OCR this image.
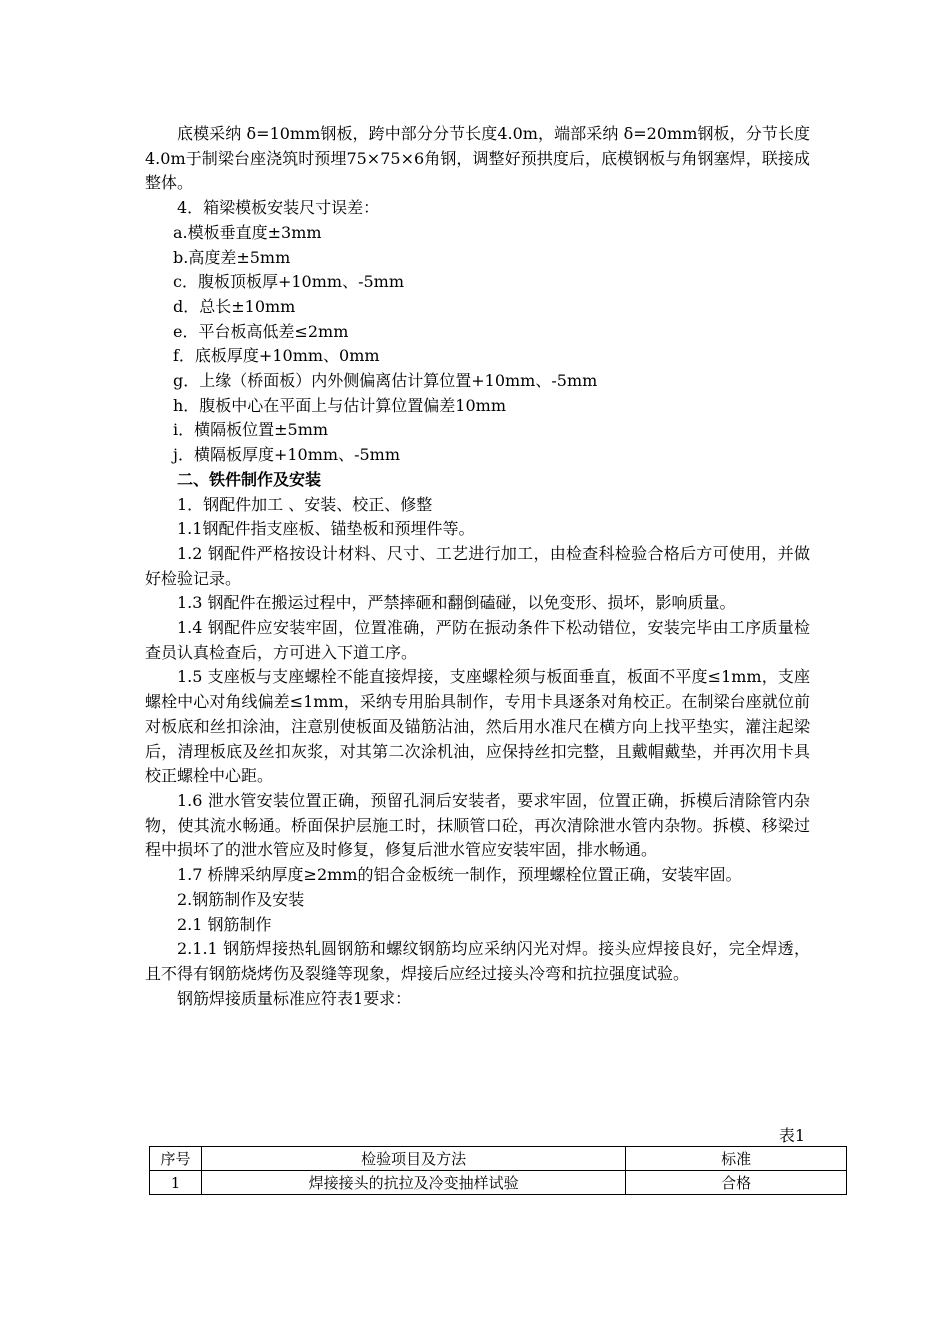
底模采纳 δ=10mm钢板，跨中部分分节长度4.0m，端部采纳 δ=20mm钢板，分节长度4.0m于制梁台座浇筑时预埋75×75×6角钢，调整好预拱度后，底模钢板与角钢塞焊，联接成整体。

4．箱梁模板安装尺寸误差：

a.模板垂直度±3mm

b.高度差±5mm

c．腹板顶板厚+10mm、-5mm

d．总长±10mm

e．平台板高低差≤2mm

f．底板厚度+10mm、0mm

g．上缘（桥面板）内外侧偏离估计算位置+10mm、-5mm

h．腹板中心在平面上与估计算位置偏差10mm

i．横隔板位置±5mm

j．横隔板厚度+10mm、-5mm

二、铁件制作及安装

1．钢配件加工 、安装、校正、修整

1.1钢配件指支座板、锚垫板和预埋件等。

1.2 钢配件严格按设计材料、尺寸、工艺进行加工，由检查科检验合格后方可使用，并做好检验记录。

1.3 钢配件在搬运过程中，严禁摔砸和翻倒磕碰，以免变形、损坏，影响质量。

1.4 钢配件应安装牢固，位置准确，严防在振动条件下松动错位，安装完毕由工序质量检查员认真检查后，方可进入下道工序。

1.5 支座板与支座螺栓不能直接焊接，支座螺栓须与板面垂直，板面不平度≤1mm，支座螺栓中心对角线偏差≤1mm，采纳专用胎具制作，专用卡具逐条对角校正。在制梁台座就位前对板底和丝扣涂油，注意别使板面及锚筋沾油，然后用水准尺在横方向上找平垫实，灌注起梁后，清理板底及丝扣灰浆，对其第二次涂机油，应保持丝扣完整，且戴帽戴垫，并再次用卡具校正螺栓中心距。

1.6 泄水管安装位置正确，预留孔洞后安装者，要求牢固，位置正确，拆模后清除管内杂物，使其流水畅通。桥面保护层施工时，抹顺管口砼，再次清除泄水管内杂物。拆模、移梁过程中损坏了的泄水管应及时修复，修复后泄水管应安装牢固，排水畅通。

1.7 桥牌采纳厚度≥2mm的铝合金板统一制作，预埋螺栓位置正确，安装牢固。

2.钢筋制作及安装

2.1 钢筋制作

2.1.1 钢筋焊接热轧圆钢筋和螺纹钢筋均应采纳闪光对焊。接头应焊接良好，完全焊透，且不得有钢筋烧烤伤及裂缝等现象，焊接后应经过接头冷弯和抗拉强度试验。

钢筋焊接质量标准应符表1要求：

表1
序号	检验项目及方法	标准
1	焊接接头的抗拉及冷变抽样试验	合格
